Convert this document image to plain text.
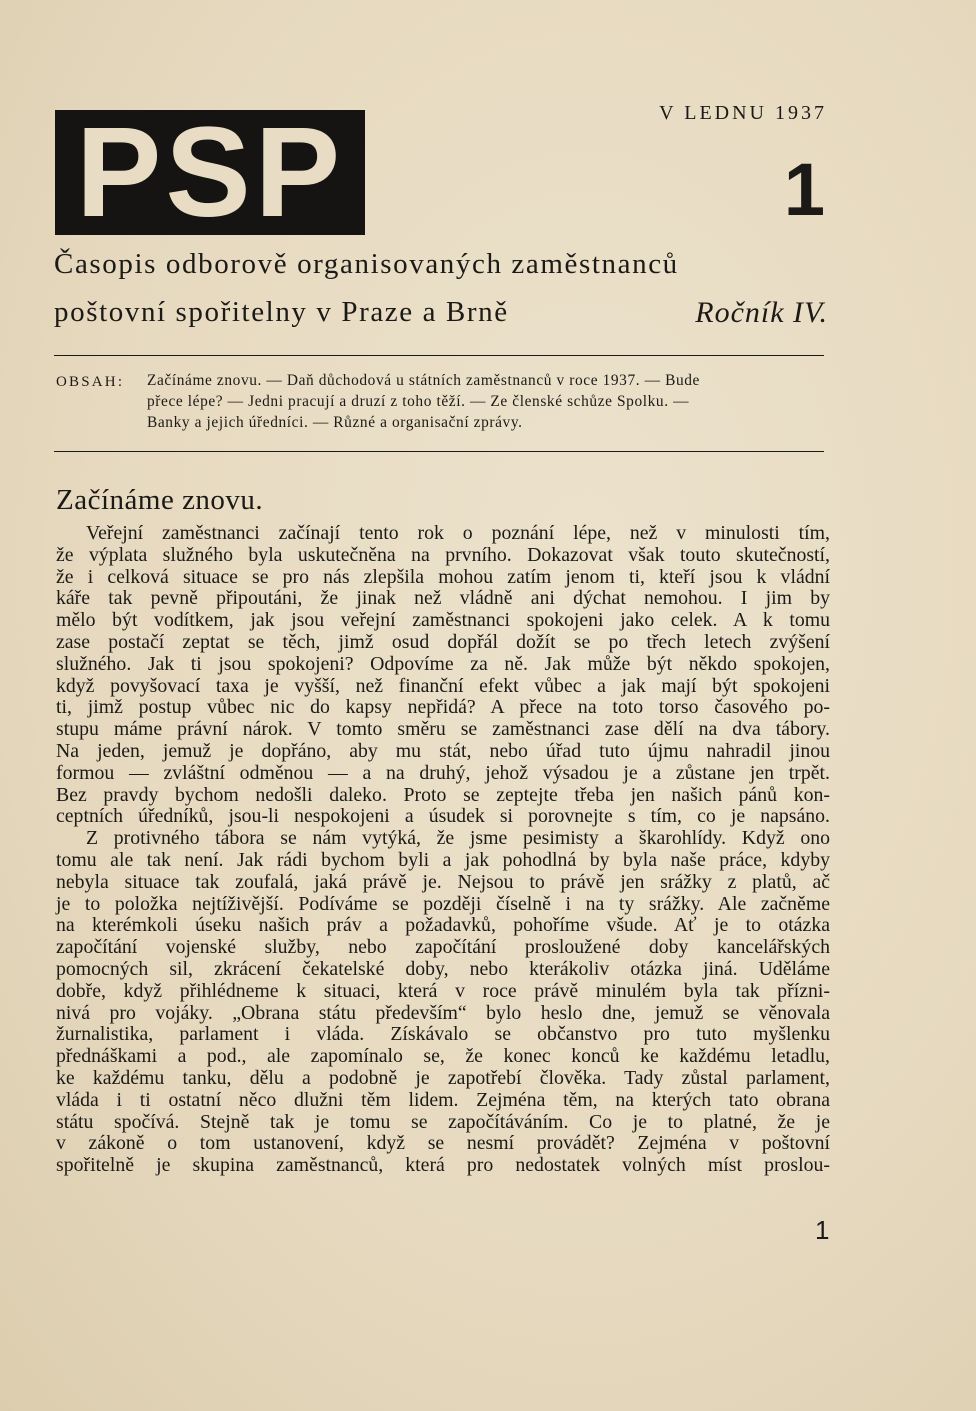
PSP	V LEDNU 1937
1
Časopis odborově organisovaných zaměstnanců
poštovní spořitelny v Praze a Brně	Ročník IV.
OBSAH: Začínáme znovu. — Daň důchodová u státních zaměstnanců v roce 1937. — Bude
přece lépe? — Jedni pracují a druzí z toho těží. — Ze členské schůze Spolku. —
Banky a jejich úředníci. — Různé a organisační zprávy.
Začínáme znovu.
Veřejní zaměstnanci začínají tento rok o poznání lépe, než v minulosti tím,
že výplata služného byla uskutečněna na prvního. Dokazovat však touto skutečností,
že i celková situace se pro nás zlepšila mohou zatím jenom ti, kteří jsou k vládní
káře tak pevně připoutáni, že jinak než vládně ani dýchat nemohou. I jim by
mělo být vodítkem, jak jsou veřejní zaměstnanci spokojeni jako celek. A k tomu
zase postačí zeptat se těch, jimž osud dopřál dožít se po třech letech zvýšení
služného. Jak ti jsou spokojeni? Odpovíme za ně. Jak může být někdo spokojen,
když povyšovací taxa je vyšší, než finanční efekt vůbec a jak mají být spokojeni
ti, jimž postup vůbec nic do kapsy nepřidá? A přece na toto torso časového po-
stupu máme právní nárok. V tomto směru se zaměstnanci zase dělí na dva tábory.
Na jeden, jemuž je dopřáno, aby mu stát, nebo úřad tuto újmu nahradil jinou
formou — zvláštní odměnou — a na druhý, jehož výsadou je a zůstane jen trpět.
Bez pravdy bychom nedošli daleko. Proto se zeptejte třeba jen našich pánů kon-
ceptních úředníků, jsou-li nespokojeni a úsudek si porovnejte s tím, co je napsáno.
Z protivného tábora se nám vytýká, že jsme pesimisty a škarohlídy. Když ono
tomu ale tak není. Jak rádi bychom byli a jak pohodlná by byla naše práce, kdyby
nebyla situace tak zoufalá, jaká právě je. Nejsou to právě jen srážky z platů, ač
je to položka nejtíživější. Podíváme se později číselně i na ty srážky. Ale začněme
na kterémkoli úseku našich práv a požadavků, pohoříme všude. Ať je to otázka
započítání vojenské služby, nebo započítání prosloužené doby kancelářských
pomocných sil, zkrácení čekatelské doby, nebo kterákoliv otázka jiná. Uděláme
dobře, když přihlédneme k situaci, která v roce právě minulém byla tak přízni-
nivá pro vojáky. „Obrana státu především“ bylo heslo dne, jemuž se věnovala
žurnalistika, parlament i vláda. Získávalo se občanstvo pro tuto myšlenku
přednáškami a pod., ale zapomínalo se, že konec konců ke každému letadlu,
ke každému tanku, dělu a podobně je zapotřebí člověka. Tady zůstal parlament,
vláda i ti ostatní něco dlužni těm lidem. Zejména těm, na kterých tato obrana
státu spočívá. Stejně tak je tomu se započítáváním. Co je to platné, že je
v zákoně o tom ustanovení, když se nesmí provádět? Zejména v poštovní
spořitelně je skupina zaměstnanců, která pro nedostatek volných míst proslou-
1
